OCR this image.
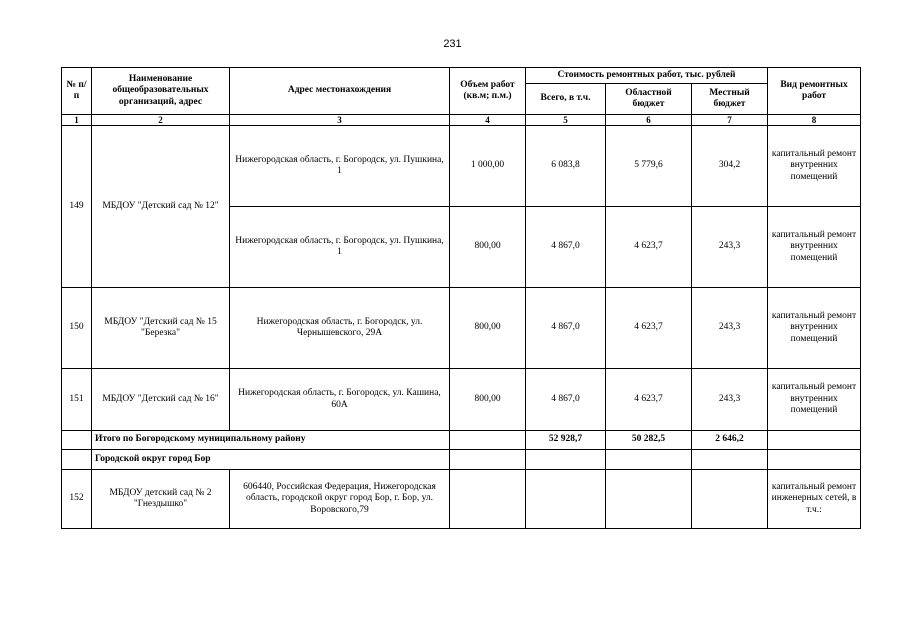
231
№ п/п	Наименование общеобразовательных организаций, адрес	Адрес местонахождения	Объем работ (кв.м; п.м.)	Стоимость ремонтных работ, тыс. рублей			Вид ремонтных работ
				Всего, в т.ч.	Областной бюджет	Местный бюджет	
1	2	3	4	5	6	7	8
149	МБДОУ "Детский сад № 12"	Нижегородская область, г. Богородск, ул. Пушкина, 1	1 000,00	6 083,8	5 779,6	304,2	капитальный ремонт внутренних помещений
		Нижегородская область, г. Богородск, ул. Пушкина, 1	800,00	4 867,0	4 623,7	243,3	капитальный ремонт внутренних помещений
150	МБДОУ "Детский сад № 15 "Березка"	Нижегородская область, г. Богородск, ул. Чернышевского, 29А	800,00	4 867,0	4 623,7	243,3	капитальный ремонт внутренних помещений
151	МБДОУ "Детский сад № 16"	Нижегородская область, г. Богородск, ул. Кашина, 60А	800,00	4 867,0	4 623,7	243,3	капитальный ремонт внутренних помещений
	Итого по Богородскому муниципальному району			52 928,7	50 282,5	2 646,2	
	Городской округ город Бор						
152	МБДОУ детский сад № 2 "Гнездышко"	606440, Российская Федерация, Нижегородская область, городской округ город Бор, г. Бор, ул. Воровского,79					капитальный ремонт инженерных сетей, в т.ч.:
